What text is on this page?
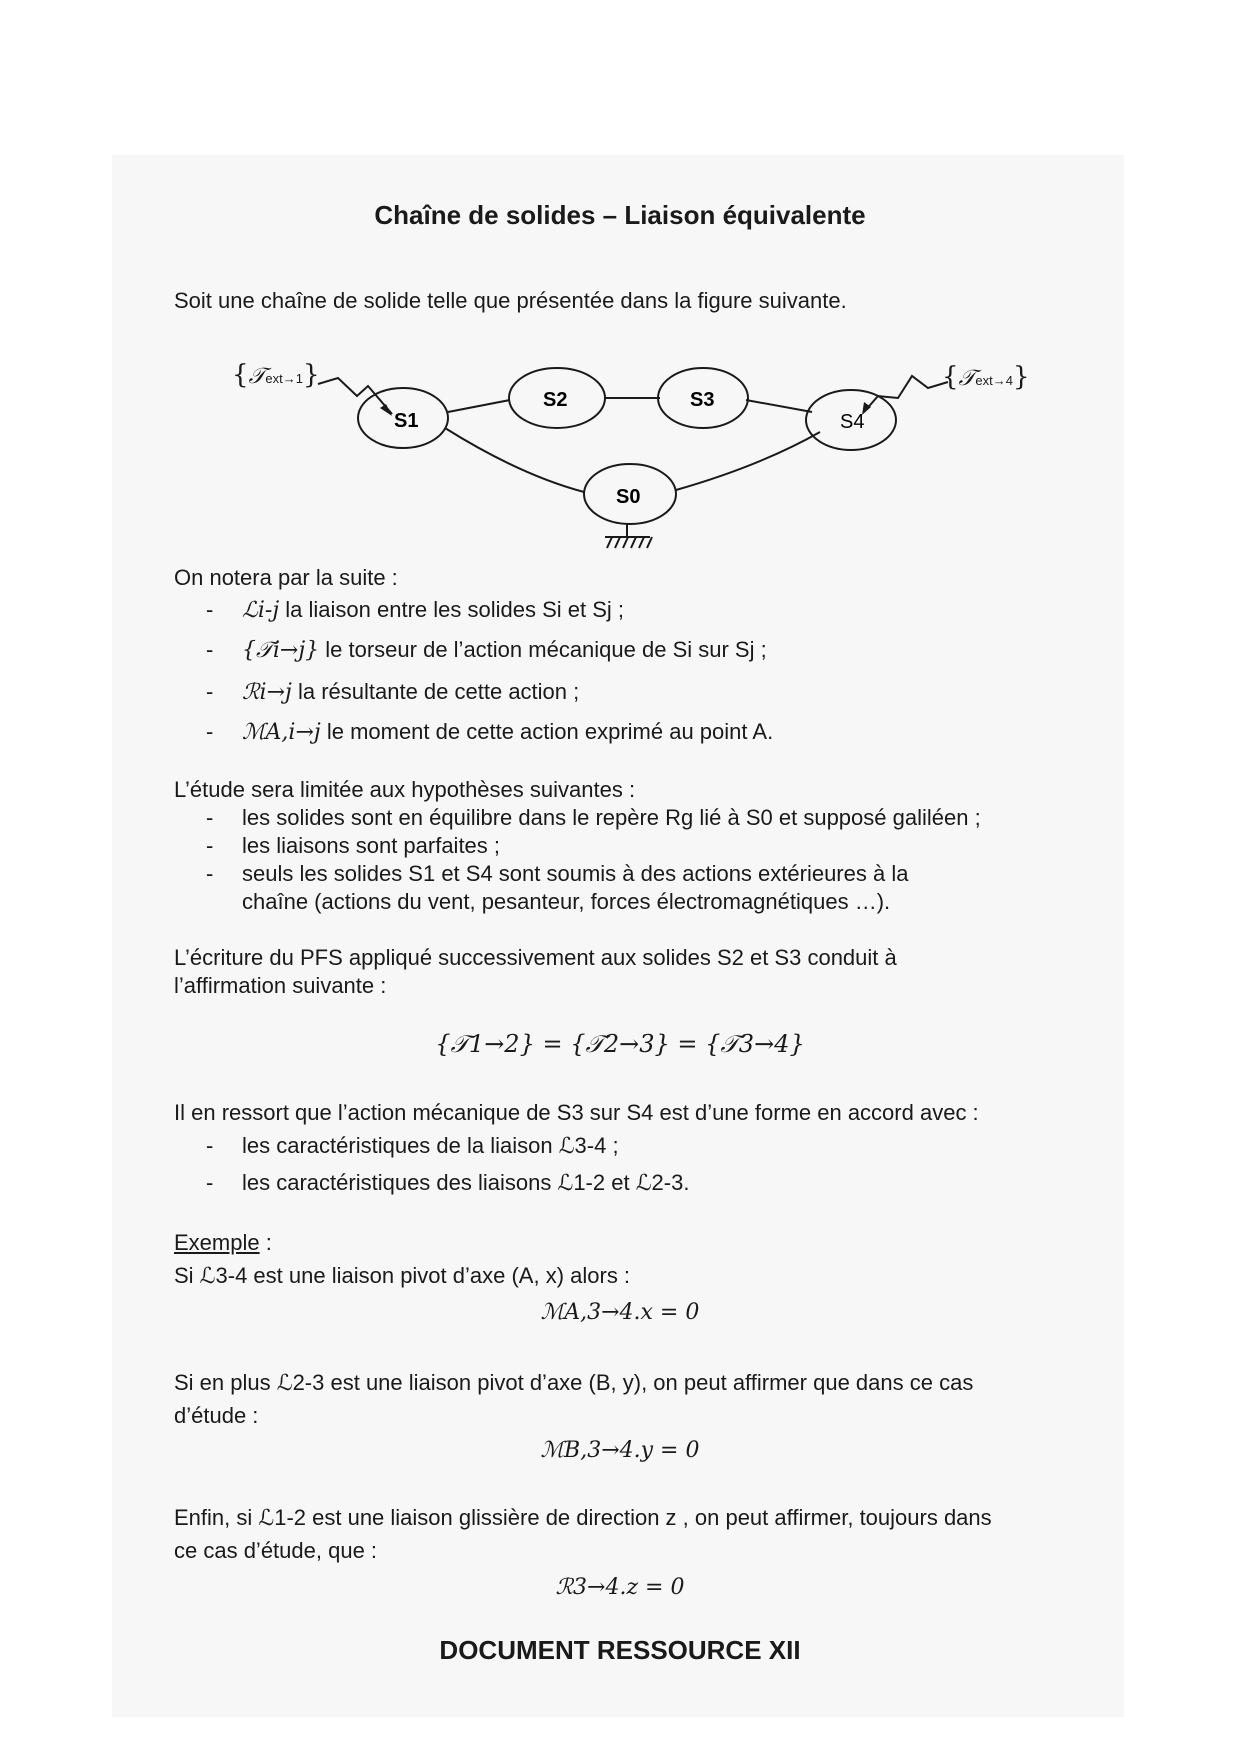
Chaîne de solides – Liaison équivalente
Soit une chaîne de solide telle que présentée dans la figure suivante.
S1
S2	S3
S4
S0
{𝒯ext→1}	{𝒯ext→4}
On notera par la suite :
- ℒi-j la liaison entre les solides Si et Sj ;
- {𝒯i→j} le torseur de l’action mécanique de Si sur Sj ;
- ℛi→j la résultante de cette action ;
- ℳA,i→j le moment de cette action exprimé au point A.
L’étude sera limitée aux hypothèses suivantes :
- les solides sont en équilibre dans le repère Rg lié à S0 et supposé galiléen ;
- les liaisons sont parfaites ;
- seuls les solides S1 et S4 sont soumis à des actions extérieures à la
chaîne (actions du vent, pesanteur, forces électromagnétiques …).
L’écriture du PFS appliqué successivement aux solides S2 et S3 conduit à
l’affirmation suivante :
{𝒯1→2} = {𝒯2→3} = {𝒯3→4}
Il en ressort que l’action mécanique de S3 sur S4 est d’une forme en accord avec :
- les caractéristiques de la liaison ℒ3-4 ;
- les caractéristiques des liaisons ℒ1-2 et ℒ2-3.
Exemple :
Si ℒ3-4 est une liaison pivot d’axe (A, x) alors :
ℳA,3→4.x = 0
Si en plus ℒ2-3 est une liaison pivot d’axe (B, y), on peut affirmer que dans ce cas
d’étude :
ℳB,3→4.y = 0
Enfin, si ℒ1-2 est une liaison glissière de direction z , on peut affirmer, toujours dans
ce cas d’étude, que :
ℛ3→4.z = 0
DOCUMENT RESSOURCE XII
